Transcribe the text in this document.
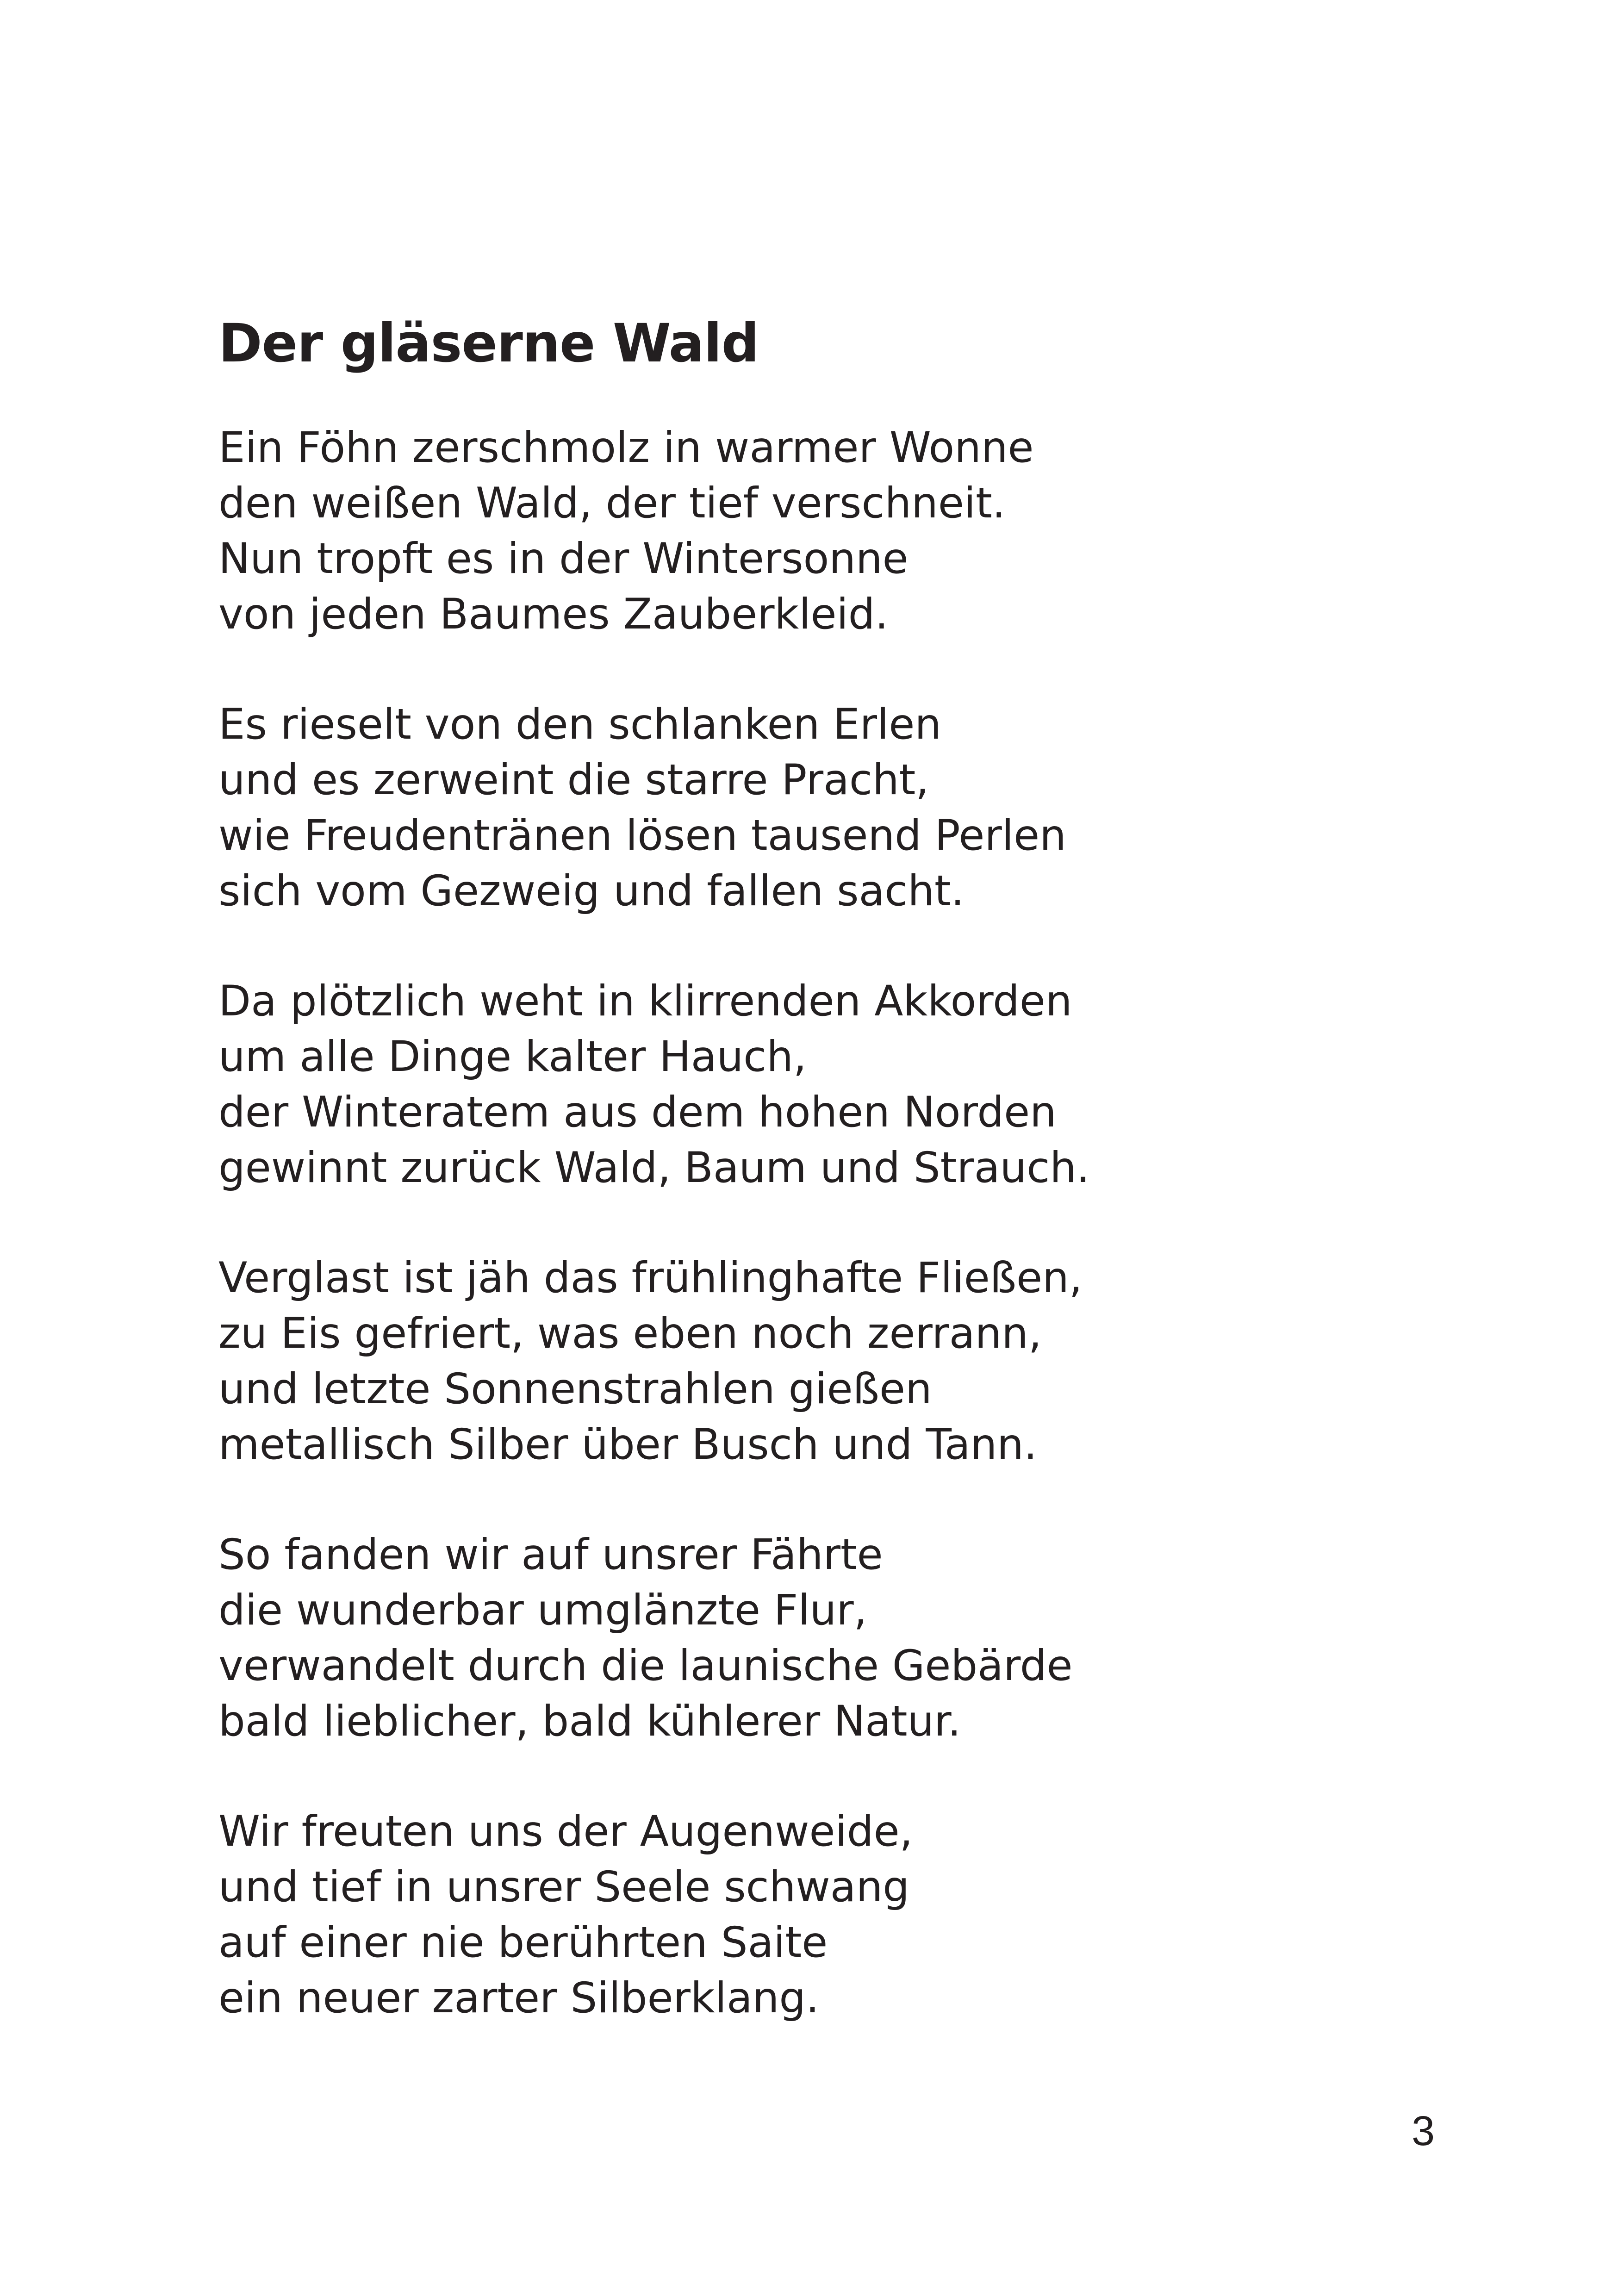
Der gläserne Wald

Ein Föhn zerschmolz in warmer Wonne
den weißen Wald, der tief verschneit.
Nun tropft es in der Wintersonne
von jeden Baumes Zauberkleid.

Es rieselt von den schlanken Erlen
und es zerweint die starre Pracht,
wie Freudentränen lösen tausend Perlen
sich vom Gezweig und fallen sacht.

Da plötzlich weht in klirrenden Akkorden
um alle Dinge kalter Hauch,
der Winteratem aus dem hohen Norden
gewinnt zurück Wald, Baum und Strauch.

Verglast ist jäh das frühlinghafte Fließen,
zu Eis gefriert, was eben noch zerrann,
und letzte Sonnenstrahlen gießen
metallisch Silber über Busch und Tann.

So fanden wir auf unsrer Fährte
die wunderbar umglänzte Flur,
verwandelt durch die launische Gebärde
bald lieblicher, bald kühlerer Natur.

Wir freuten uns der Augenweide,
und tief in unsrer Seele schwang
auf einer nie berührten Saite
ein neuer zarter Silberklang.

3
